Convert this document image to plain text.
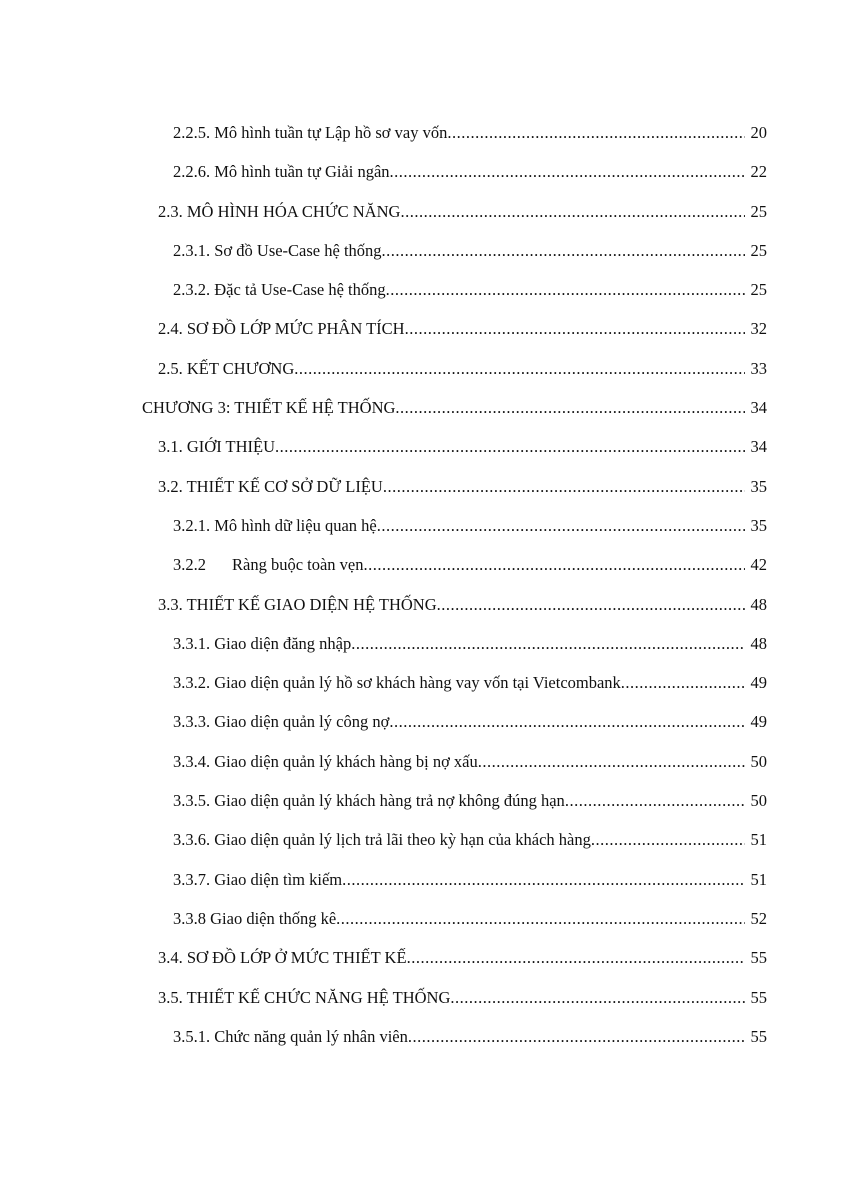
2.2.5. Mô hình tuần tự Lập hồ sơ vay vốn .....	20
2.2.6. Mô hình tuần tự Giải ngân .....	22
2.3. MÔ HÌNH HÓA CHỨC NĂNG .....	25
2.3.1. Sơ đồ Use-Case hệ thống .....	25
2.3.2. Đặc tả Use-Case hệ thống .....	25
2.4. SƠ ĐỒ LỚP MỨC PHÂN TÍCH .....	32
2.5. KẾT CHƯƠNG .....	33
CHƯƠNG 3: THIẾT KẾ HỆ THỐNG .....	34
3.1. GIỚI THIỆU .....	34
3.2. THIẾT KẾ CƠ SỞ DỮ LIỆU .....	35
3.2.1. Mô hình dữ liệu quan hệ .....	35
3.2.2 Ràng buộc toàn vẹn .....	42
3.3. THIẾT KẾ GIAO DIỆN HỆ THỐNG .....	48
3.3.1. Giao diện đăng nhập .....	48
3.3.2. Giao diện quản lý hồ sơ khách hàng vay vốn tại Vietcombank .....	49
3.3.3. Giao diện quản lý công nợ .....	49
3.3.4. Giao diện quản lý khách hàng bị nợ xấu .....	50
3.3.5. Giao diện quản lý khách hàng trả nợ không đúng hạn .....	50
3.3.6. Giao diện quản lý lịch trả lãi theo kỳ hạn của khách hàng .....	51
3.3.7. Giao diện tìm kiếm .....	51
3.3.8 Giao diện thống kê .....	52
3.4. SƠ ĐỒ LỚP Ở MỨC THIẾT KẾ .....	55
3.5. THIẾT KẾ CHỨC NĂNG HỆ THỐNG .....	55
3.5.1. Chức năng quản lý nhân viên .....	55
